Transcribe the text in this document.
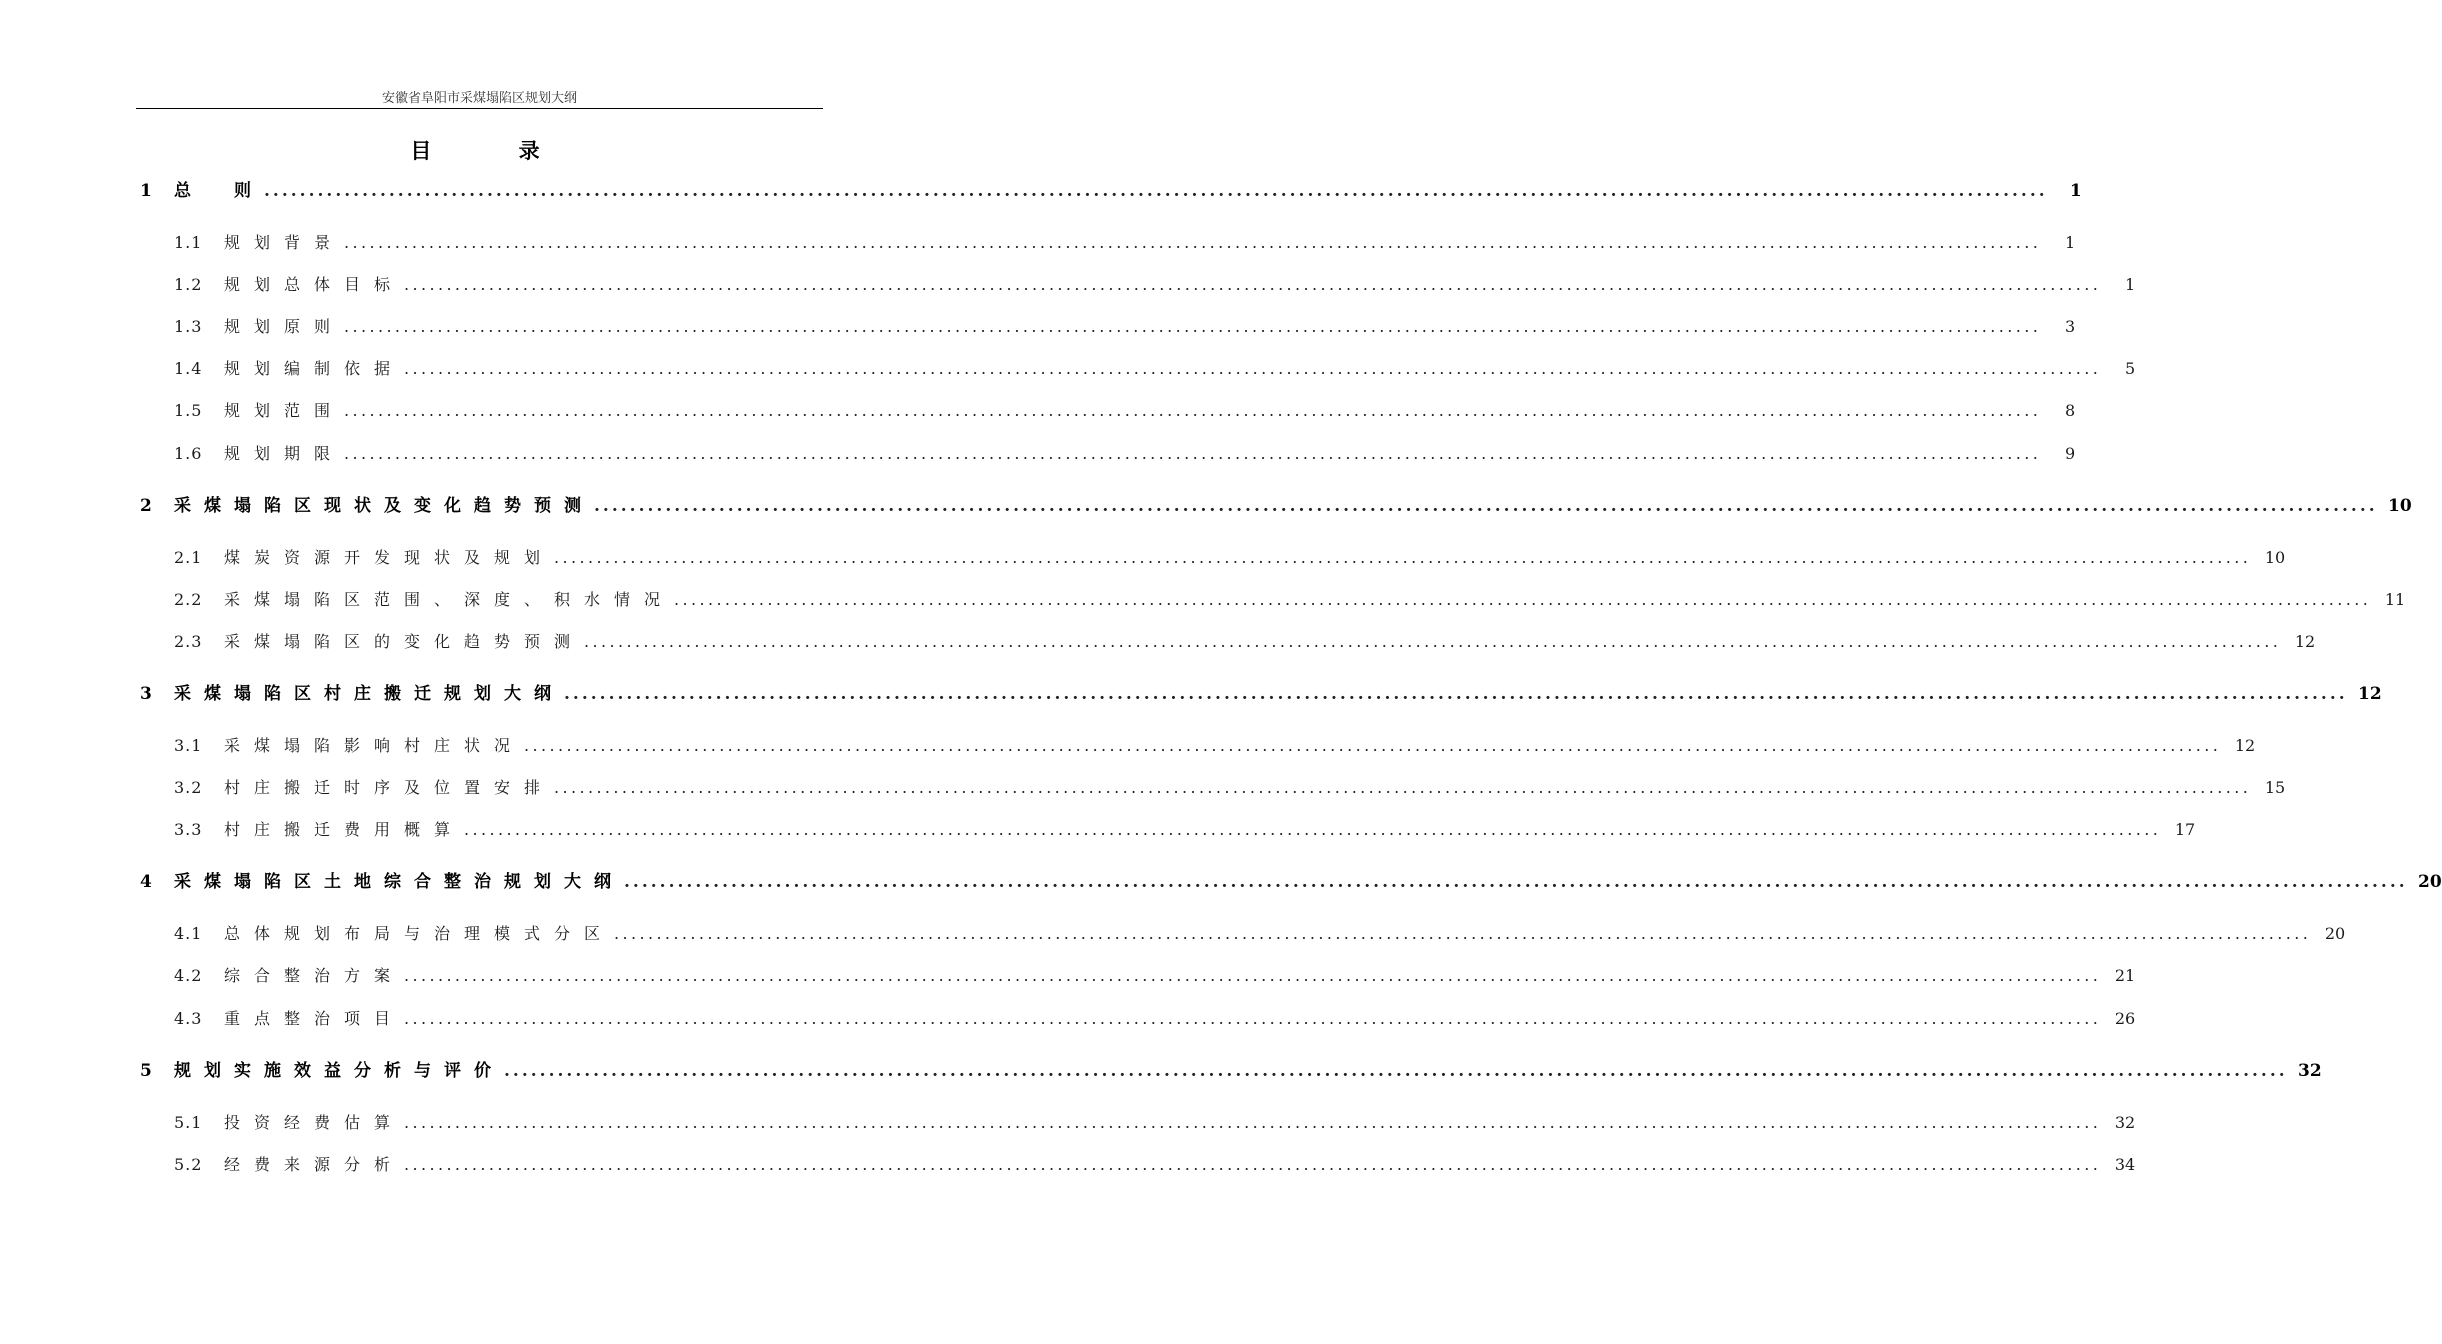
安徽省阜阳市采煤塌陷区规划大纲
目 录
1	总　则 ........................................................................................................................................................................................................	1
1.1	规划背景 ........................................................................................................................................................................................................	1
1.2	规划总体目标 ........................................................................................................................................................................................................	1
1.3	规划原则 ........................................................................................................................................................................................................	3
1.4	规划编制依据 ........................................................................................................................................................................................................	5
1.5	规划范围 ........................................................................................................................................................................................................	8
1.6	规划期限 ........................................................................................................................................................................................................	9
2	采煤塌陷区现状及变化趋势预测 ........................................................................................................................................................................................................ 10
2.1	煤炭资源开发现状及规划 ........................................................................................................................................................................................................ 10
2.2	采煤塌陷区范围、深度、积水情况 ........................................................................................................................................................................................................ 11
2.3	采煤塌陷区的变化趋势预测 ........................................................................................................................................................................................................ 12
3	采煤塌陷区村庄搬迁规划大纲 ........................................................................................................................................................................................................ 12
3.1	采煤塌陷影响村庄状况 ........................................................................................................................................................................................................ 12
3.2	村庄搬迁时序及位置安排 ........................................................................................................................................................................................................ 15
3.3	村庄搬迁费用概算 ........................................................................................................................................................................................................ 17
4	采煤塌陷区土地综合整治规划大纲 ........................................................................................................................................................................................................ 20
4.1	总体规划布局与治理模式分区 ........................................................................................................................................................................................................ 20
4.2	综合整治方案 ........................................................................................................................................................................................................ 21
4.3	重点整治项目 ........................................................................................................................................................................................................ 26
5	规划实施效益分析与评价 ........................................................................................................................................................................................................ 32
5.1	投资经费估算 ........................................................................................................................................................................................................ 32
5.2	经费来源分析 ........................................................................................................................................................................................................ 34
